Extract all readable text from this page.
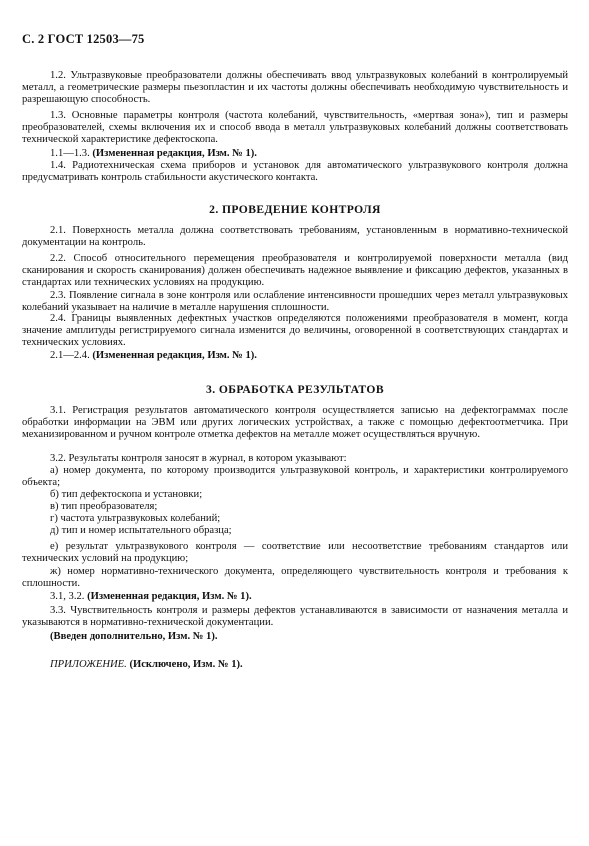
С. 2 ГОСТ 12503—75
1.2. Ультразвуковые преобразователи должны обеспечивать ввод ультразвуковых колебаний в контролируемый металл, а геометрические размеры пьезопластин и их частоты должны обеспечивать необходимую чувствительность и разрешающую способность.
1.3. Основные параметры контроля (частота колебаний, чувствительность, «мертвая зона»), тип и размеры преобразователей, схемы включения их и способ ввода в металл ультразвуковых колебаний должны соответствовать технической характеристике дефектоскопа.
1.1—1.3. (Измененная редакция, Изм. № 1).
1.4. Радиотехническая схема приборов и установок для автоматического ультразвукового контроля должна предусматривать контроль стабильности акустического контакта.
2. ПРОВЕДЕНИЕ КОНТРОЛЯ
2.1. Поверхность металла должна соответствовать требованиям, установленным в нормативно-технической документации на контроль.
2.2. Способ относительного перемещения преобразователя и контролируемой поверхности металла (вид сканирования и скорость сканирования) должен обеспечивать надежное выявление и фиксацию дефектов, указанных в стандартах или технических условиях на продукцию.
2.3. Появление сигнала в зоне контроля или ослабление интенсивности прошедших через металл ультразвуковых колебаний указывает на наличие в металле нарушения сплошности.
2.4. Границы выявленных дефектных участков определяются положениями преобразователя в момент, когда значение амплитуды регистрируемого сигнала изменится до величины, оговоренной в соответствующих стандартах и технических условиях.
2.1—2.4. (Измененная редакция, Изм. № 1).
3. ОБРАБОТКА РЕЗУЛЬТАТОВ
3.1. Регистрация результатов автоматического контроля осуществляется записью на дефектограммах после обработки информации на ЭВМ или других логических устройствах, а также с помощью дефектоотметчика. При механизированном и ручном контроле отметка дефектов на металле может осуществляться вручную.
3.2. Результаты контроля заносят в журнал, в котором указывают:
а) номер документа, по которому производится ультразвуковой контроль, и характеристики контролируемого объекта;
б) тип дефектоскопа и установки;
в) тип преобразователя;
г) частота ультразвуковых колебаний;
д) тип и номер испытательного образца;
е) результат ультразвукового контроля — соответствие или несоответствие требованиям стандартов или технических условий на продукцию;
ж) номер нормативно-технического документа, определяющего чувствительность контроля и требования к сплошности.
3.1, 3.2. (Измененная редакция, Изм. № 1).
3.3. Чувствительность контроля и размеры дефектов устанавливаются в зависимости от назначения металла и указываются в нормативно-технической документации.
(Введен дополнительно, Изм. № 1).
ПРИЛОЖЕНИЕ. (Исключено, Изм. № 1).
